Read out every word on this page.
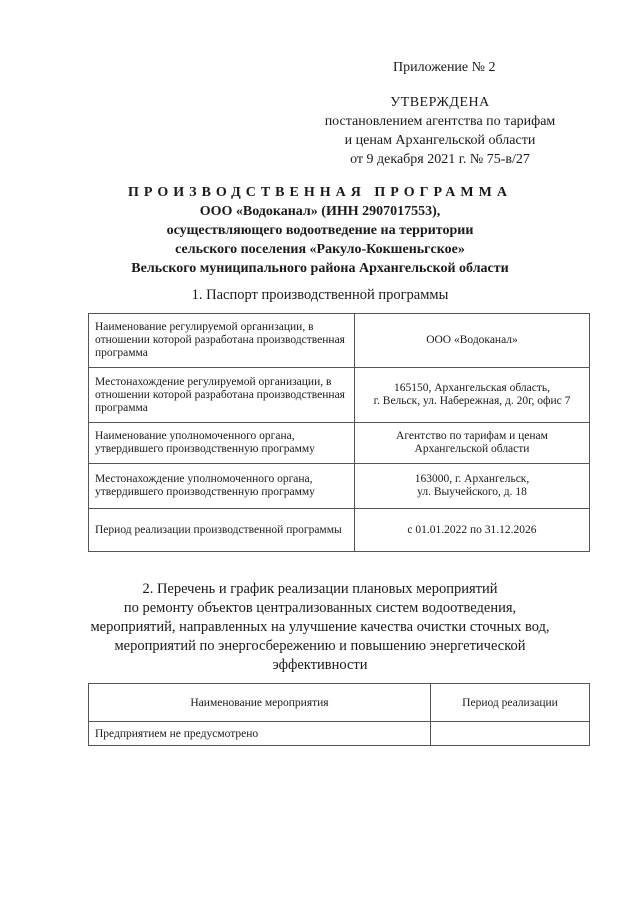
Приложение № 2
УТВЕРЖДЕНА
постановлением агентства по тарифам
и ценам Архангельской области
от 9 декабря 2021 г. № 75-в/27
ПРОИЗВОДСТВЕННАЯ ПРОГРАММА
ООО «Водоканал» (ИНН 2907017553),
осуществляющего водоотведение на территории
сельского поселения «Ракуло-Кокшеньгское»
Вельского муниципального района Архангельской области
1. Паспорт производственной программы
Наименование регулируемой организации, в отношении которой разработана производственная программа	ООО «Водоканал»

Местонахождение регулируемой организации, в отношении которой разработана производственная программа	165150, Архангельская область,
г. Вельск, ул. Набережная, д. 20г, офис 7

Наименование уполномоченного органа, утвердившего производственную программу	Агентство по тарифам и ценам
Архангельской области

Местонахождение уполномоченного органа, утвердившего производственную программу	163000, г. Архангельск,
ул. Выучейского, д. 18

Период реализации производственной программы	с 01.01.2022 по 31.12.2026
2. Перечень и график реализации плановых мероприятий
по ремонту объектов централизованных систем водоотведения,
мероприятий, направленных на улучшение качества очистки сточных вод,
мероприятий по энергосбережению и повышению энергетической
эффективности
Наименование мероприятия	Период реализации
Предприятием не предусмотрено	
